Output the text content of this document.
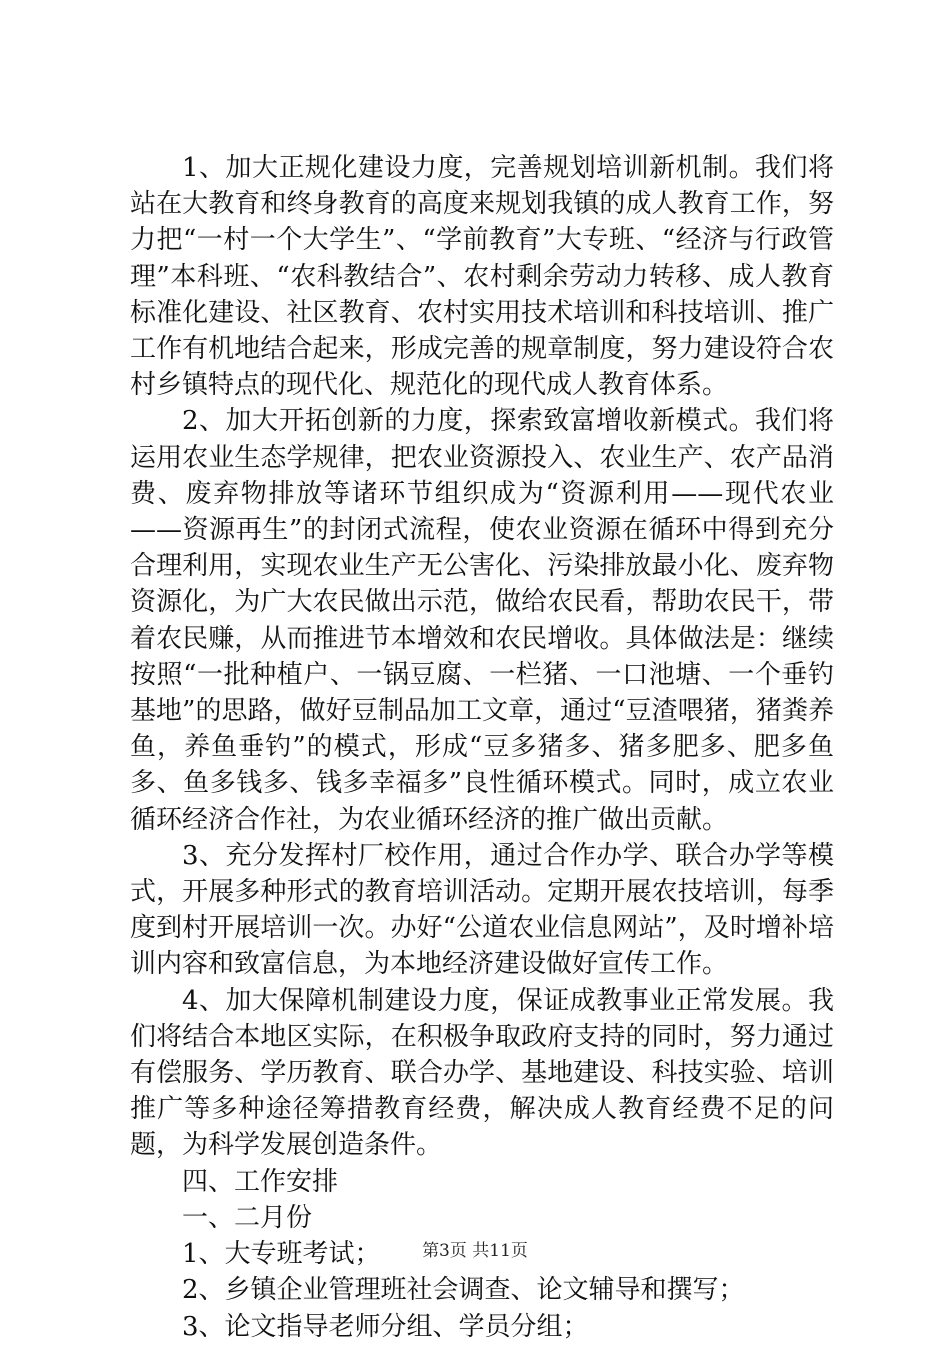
1、加大正规化建设力度，完善规划培训新机制。我们将站在大教育和终身教育的高度来规划我镇的成人教育工作，努力把“一村一个大学生”、“学前教育”大专班、“经济与行政管理”本科班、“农科教结合”、农村剩余劳动力转移、成人教育标准化建设、社区教育、农村实用技术培训和科技培训、推广工作有机地结合起来，形成完善的规章制度，努力建设符合农村乡镇特点的现代化、规范化的现代成人教育体系。

2、加大开拓创新的力度，探索致富增收新模式。我们将运用农业生态学规律，把农业资源投入、农业生产、农产品消费、废弃物排放等诸环节组织成为“资源利用——现代农业——资源再生”的封闭式流程，使农业资源在循环中得到充分合理利用，实现农业生产无公害化、污染排放最小化、废弃物资源化，为广大农民做出示范，做给农民看，帮助农民干，带着农民赚，从而推进节本增效和农民增收。具体做法是：继续按照“一批种植户、一锅豆腐、一栏猪、一口池塘、一个垂钓基地”的思路，做好豆制品加工文章，通过“豆渣喂猪，猪粪养鱼，养鱼垂钓”的模式，形成“豆多猪多、猪多肥多、肥多鱼多、鱼多钱多、钱多幸福多”良性循环模式。同时，成立农业循环经济合作社，为农业循环经济的推广做出贡献。

3、充分发挥村厂校作用，通过合作办学、联合办学等模式，开展多种形式的教育培训活动。定期开展农技培训，每季度到村开展培训一次。办好“公道农业信息网站”，及时增补培训内容和致富信息，为本地经济建设做好宣传工作。

4、加大保障机制建设力度，保证成教事业正常发展。我们将结合本地区实际，在积极争取政府支持的同时，努力通过有偿服务、学历教育、联合办学、基地建设、科技实验、培训推广等多种途径筹措教育经费，解决成人教育经费不足的问题，为科学发展创造条件。

四、工作安排

一、二月份

1、大专班考试；

2、乡镇企业管理班社会调查、论文辅导和撰写；

3、论文指导老师分组、学员分组；

第3页 共11页
